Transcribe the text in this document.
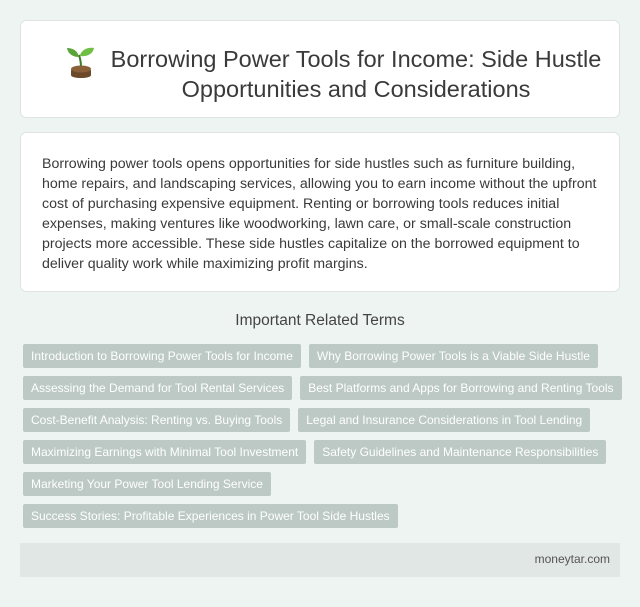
Borrowing Power Tools for Income: Side Hustle Opportunities and Considerations

Borrowing power tools opens opportunities for side hustles such as furniture building, home repairs, and landscaping services, allowing you to earn income without the upfront cost of purchasing expensive equipment. Renting or borrowing tools reduces initial expenses, making ventures like woodworking, lawn care, or small-scale construction projects more accessible. These side hustles capitalize on the borrowed equipment to deliver quality work while maximizing profit margins.

Important Related Terms
Introduction to Borrowing Power Tools for Income	Why Borrowing Power Tools is a Viable Side Hustle
Assessing the Demand for Tool Rental Services	Best Platforms and Apps for Borrowing and Renting Tools
Cost-Benefit Analysis: Renting vs. Buying Tools	Legal and Insurance Considerations in Tool Lending
Maximizing Earnings with Minimal Tool Investment	Safety Guidelines and Maintenance Responsibilities
Marketing Your Power Tool Lending Service
Success Stories: Profitable Experiences in Power Tool Side Hustles
moneytar.com
